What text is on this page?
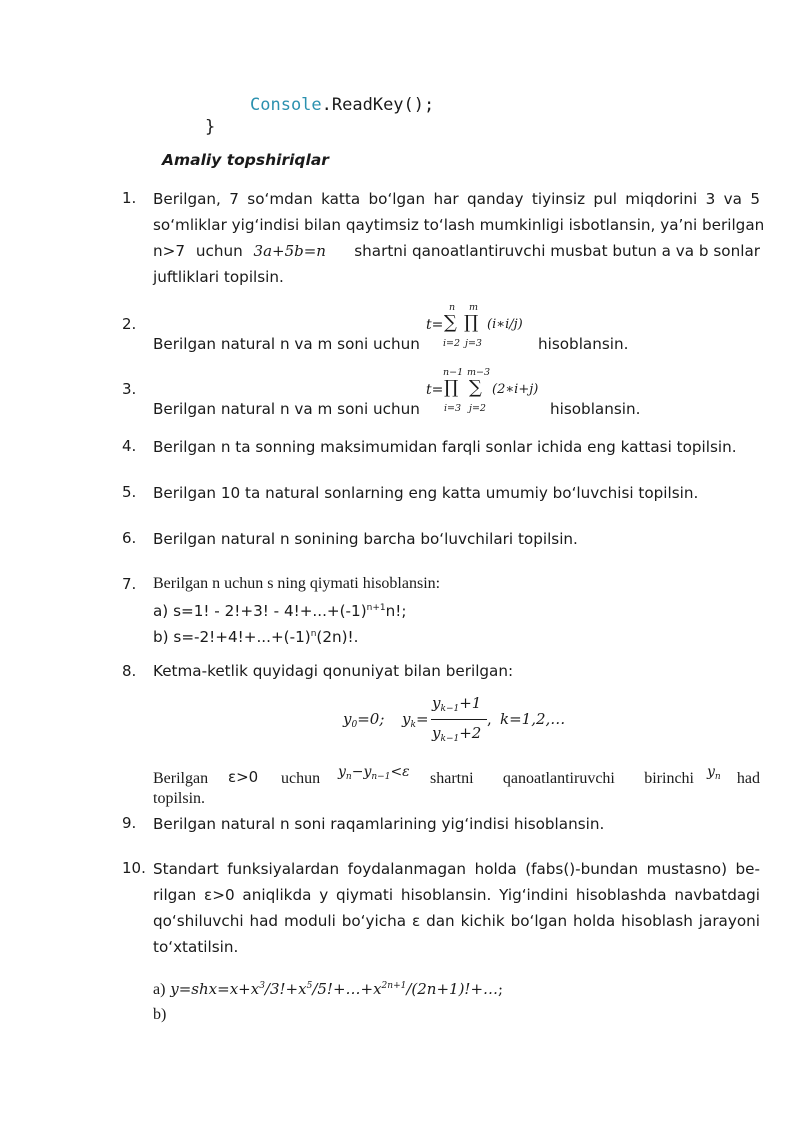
Console.ReadKey();
}
Amaliy topshiriqlar
1. Berilgan, 7 so‘mdan katta bo‘lgan har qanday tiyinsiz pul miqdorini 3 va 5
so‘mliklar yig‘indisi bilan qaytimsiz to‘lash mumkinligi isbotlansin, ya’ni berilgan
n>7 uchun 3a+5b=n shartni qanoatlantiruvchi musbat butun a va b sonlar
juftliklari topilsin.
2.
Berilgan natural n va m soni uchun
t=
n
∑
i=2
m
∏
j=3
(i∗i/j)
hisoblansin.
3.
Berilgan natural n va m soni uchun
t=
n−1
∏
i=3
m−3
∑
j=2
(2∗i+j)
hisoblansin.
4. Berilgan n ta sonning maksimumidan farqli sonlar ichida eng kattasi topilsin.
5. Berilgan 10 ta natural sonlarning eng katta umumiy bo‘luvchisi topilsin.
6. Berilgan natural n sonining barcha bo‘luvchilari topilsin.
7. Berilgan n uchun s ning qiymati hisoblansin:
a) s=1! - 2!+3! - $4!+...+(-1)^{n+1}n$!;
b) $s=-2!+4!+...+(-1)^n(2n)$!.
8. Ketma-ketlik quyidagi qonuniyat bilan berilgan:
$y_0=0$; $y_k=$
$y_{k-1}+1$
$y_{k-1}+2$
, k=1,2,…
Berilgan ε>0 uchun $y_n-y_{n-1}<\varepsilon$ shartni qanoatlantiruvchi birinchi $y_n$ had
topilsin.
9. Berilgan natural n soni raqamlarining yig‘indisi hisoblansin.
10. Standart funksiyalardan foydalanmagan holda (fabs()-bundan mustasno) be-
rilgan ε>0 aniqlikda y qiymati hisoblansin. Yig‘indini hisoblashda navbatdagi
qo‘shiluvchi had moduli bo‘yicha ε dan kichik bo‘lgan holda hisoblash jarayoni
to‘xtatilsin.
a) $y=shx=x+x^3/3!+x^5/5!+\dots+x^{2n+1}/(2n+1)!+\dots$;
b)
